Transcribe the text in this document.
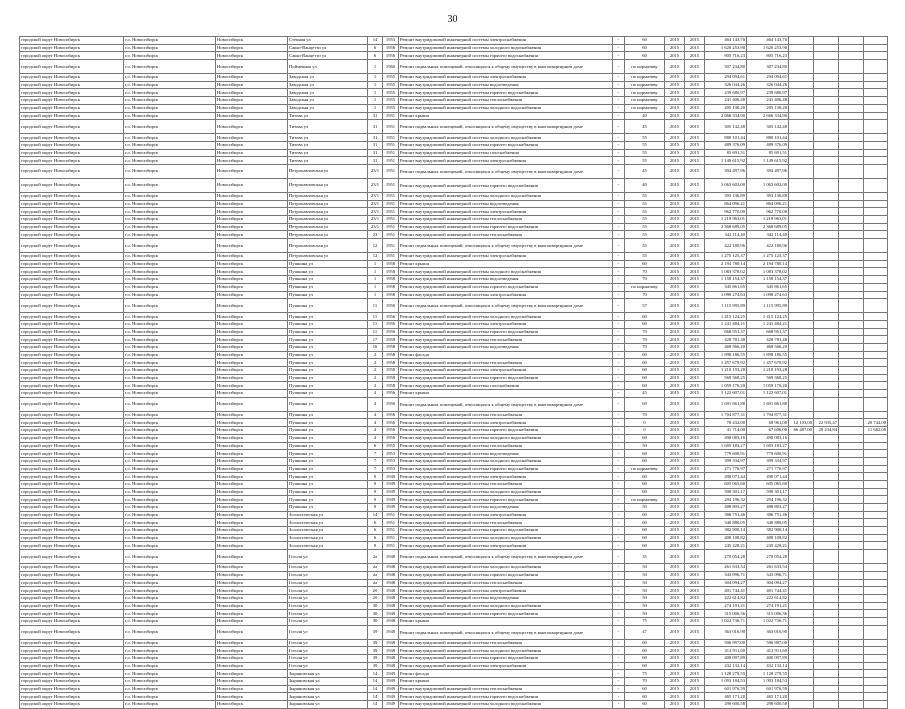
30
городской округ Новосибирск	г.о. Новосибирск	Новосибирск	Степная ул	14	1953	Ремонт внутридомовой инженерной системы электроснабжения	-	60	2015	2015	464 143,70	464 143,70				
городской округ Новосибирск	г.о. Новосибирск	Новосибирск	Сакко-Ванцетти ул	6	1956	Ремонт внутридомовой инженерной системы холодного водоснабжения	-	60	2015	2015	1 620 253,90	1 620 253,90				
городской округ Новосибирск	г.о. Новосибирск	Новосибирск	Сакко-Ванцетти ул	6	1956	Ремонт внутридомовой инженерной системы горячего водоснабжения	-	60	2015	2015	805 716,23	805 716,23				
городской округ Новосибирск	г.о. Новосибирск	Новосибирск	Пойменная ул	1	1960	Ремонт подвальных помещений, относящихся к общему имуществу в многоквартирном доме	-	по нормативу	2015	2015	307 234,80	307 234,80				
городской округ Новосибирск	г.о. Новосибирск	Новосибирск	Заводская ул	1	1955	Ремонт внутридомовой инженерной системы электроснабжения	-	по нормативу	2015	2015	294 094,61	294 094,61				
городской округ Новосибирск	г.о. Новосибирск	Новосибирск	Заводская ул	1	1955	Ремонт внутридомовой инженерной системы водоотведения	-	по нормативу	2015	2015	326 044,26	326 044,26				
городской округ Новосибирск	г.о. Новосибирск	Новосибирск	Заводская ул	1	1955	Ремонт внутридомовой инженерной системы горячего водоснабжения	-	по нормативу	2015	2015	239 680,97	239 680,97				
городской округ Новосибирск	г.о. Новосибирск	Новосибирск	Заводская ул	1	1955	Ремонт внутридомовой инженерной системы теплоснабжения	-	по нормативу	2015	2015	241 406,48	241 406,48				
городской округ Новосибирск	г.о. Новосибирск	Новосибирск	Заводская ул	1	1955	Ремонт внутридомовой инженерной системы холодного водоснабжения	-	по нормативу	2015	2015	205 130,20	205 130,20				
городской округ Новосибирск	г.о. Новосибирск	Новосибирск	Титова ул	31	1951	Ремонт крыши	-	40	2015	2015	2 666 334,90	2 666 334,90				
городской округ Новосибирск	г.о. Новосибирск	Новосибирск	Титова ул	31	1951	Ремонт подвальных помещений, относящихся к общему имуществу в многоквартирном доме	-	45	2015	2015	305 142,48	305 142,48				
городской округ Новосибирск	г.о. Новосибирск	Новосибирск	Титова ул	31	1951	Ремонт внутридомовой инженерной системы холодного водоснабжения	-	55	2015	2015	880 101,44	880 101,44				
городской округ Новосибирск	г.о. Новосибирск	Новосибирск	Титова ул	31	1951	Ремонт внутридомовой инженерной системы горячего водоснабжения	-	55	2015	2015	489 376,09	489 376,09				
городской округ Новосибирск	г.о. Новосибирск	Новосибирск	Титова ул	31	1951	Ремонт внутридомовой инженерной системы газоснабжения	-	55	2015	2015	85 691,51	85 691,51				
городской округ Новосибирск	г.о. Новосибирск	Новосибирск	Титова ул	31	1951	Ремонт внутридомовой инженерной системы электроснабжения	-	55	2015	2015	1 149 615,92	1 149 615,92				
городской округ Новосибирск	г.о. Новосибирск	Новосибирск	Петропавловская ул	23/1	1951	Ремонт подвальных помещений, относящихся к общему имуществу в многоквартирном доме	-	45	2015	2015	394 497,96	394 497,96				
городской округ Новосибирск	г.о. Новосибирск	Новосибирск	Петропавловская ул	23/1	1951	Ремонт внутридомовой инженерной системы горячего водоснабжения	-	40	2015	2015	1 063 602,00	1 063 602,00				
городской округ Новосибирск	г.о. Новосибирск	Новосибирск	Петропавловская ул	23/1	1951	Ремонт внутридомовой инженерной системы холодного водоснабжения	-	55	2015	2015	393 136,89	393 136,89				
городской округ Новосибирск	г.о. Новосибирск	Новосибирск	Петропавловская ул	23/1	1951	Ремонт внутридомовой инженерной системы водоотведения	-	55	2015	2015	864 096,21	864 096,21				
городской округ Новосибирск	г.о. Новосибирск	Новосибирск	Петропавловская ул	23/1	1951	Ремонт внутридомовой инженерной системы электроснабжения	-	55	2015	2015	962 770,00	962 770,00				
городской округ Новосибирск	г.о. Новосибирск	Новосибирск	Петропавловская ул	23/1	1951	Ремонт внутридомовой инженерной системы теплоснабжения	-	55	2015	2015	1 219 963,01	1 219 963,01				
городской округ Новосибирск	г.о. Новосибирск	Новосибирск	Петропавловская ул	23/1	1951	Ремонт внутридомовой инженерной системы горячего водоснабжения	-	55	2015	2015	2 368 689,05	2 368 689,05				
городской округ Новосибирск	г.о. Новосибирск	Новосибирск	Петропавловская ул	23	1951	Ремонт внутридомовой инженерной системы теплоснабжения	-	55	2015	2015	342 114,40	342 114,40				
городской округ Новосибирск	г.о. Новосибирск	Новосибирск	Петропавловская ул	12	1951	Ремонт подвальных помещений, относящихся к общему имуществу в многоквартирном доме	-	55	2015	2015	422 180,96	422 180,96				
городской округ Новосибирск	г.о. Новосибирск	Новосибирск	Петропавловская ул	12	1951	Ремонт внутридомовой инженерной системы электроснабжения	-	55	2015	2015	1 275 125,37	1 275 125,37				
городской округ Новосибирск	г.о. Новосибирск	Новосибирск	Пушкина ул	1	1958	Ремонт крыши	-	60	2015	2015	2 194 780,14	2 194 780,14				
городской округ Новосибирск	г.о. Новосибирск	Новосибирск	Пушкина ул	1	1958	Ремонт внутридомовой инженерной системы холодного водоснабжения	-	70	2015	2015	1 083 378,02	1 083 378,02				
городской округ Новосибирск	г.о. Новосибирск	Новосибирск	Пушкина ул	1	1958	Ремонт внутридомовой инженерной системы водоотведения	-	70	2015	2015	1 158 154,37	1 158 154,37				
городской округ Новосибирск	г.о. Новосибирск	Новосибирск	Пушкина ул	1	1958	Ремонт внутридомовой инженерной системы горячего водоснабжения	-	по нормативу	2015	2015	345 861,65	345 861,65				
городской округ Новосибирск	г.о. Новосибирск	Новосибирск	Пушкина ул	1	1958	Ремонт внутридомовой инженерной системы электроснабжения	-	70	2015	2015	1 098 274,63	1 098 274,63				
городской округ Новосибирск	г.о. Новосибирск	Новосибирск	Пушкина ул	11	1956	Ремонт подвальных помещений, относящихся к общему имуществу в многоквартирном доме	-	57	2015	2015	1 115 995,89	1 115 995,89				
городской округ Новосибирск	г.о. Новосибирск	Новосибирск	Пушкина ул	11	1956	Ремонт внутридомовой инженерной системы холодного водоснабжения	-	60	2015	2015	1 415 124,25	1 415 124,25				
городской округ Новосибирск	г.о. Новосибирск	Новосибирск	Пушкина ул	11	1956	Ремонт внутридомовой инженерной системы электроснабжения	-	60	2015	2015	1 241 484,21	1 241 484,21				
городской округ Новосибирск	г.о. Новосибирск	Новосибирск	Пушкина ул	11	1956	Ремонт внутридомовой инженерной системы горячего водоснабжения	-	70	2015	2015	668 951,37	668 951,37				
городской округ Новосибирск	г.о. Новосибирск	Новосибирск	Пушкина ул	17	1958	Ремонт внутридомовой инженерной системы теплоснабжения	-	70	2015	2015	428 781,48	428 781,48				
городской округ Новосибирск	г.о. Новосибирск	Новосибирск	Пушкина ул	16	1958	Ремонт внутридомовой инженерной системы водоотведения	-	70	2015	2015	468 566,20	468 566,20				
городской округ Новосибирск	г.о. Новосибирск	Новосибирск	Пушкина ул	2	1958	Ремонт фасада	-	60	2015	2015	1 898 186,55	1 898 186,55				
городской округ Новосибирск	г.о. Новосибирск	Новосибирск	Пушкина ул	2	1958	Ремонт внутридомовой инженерной системы теплоснабжения	-	60	2015	2015	1 457 679,92	1 457 679,92				
городской округ Новосибирск	г.о. Новосибирск	Новосибирск	Пушкина ул	2	1958	Ремонт внутридомовой инженерной системы электроснабжения	-	60	2015	2015	1 210 193,28	1 210 193,28				
городской округ Новосибирск	г.о. Новосибирск	Новосибирск	Пушкина ул	2	1958	Ремонт внутридомовой инженерной системы горячего водоснабжения	-	60	2015	2015	569 368,25	569 368,25				
городской округ Новосибирск	г.о. Новосибирск	Новосибирск	Пушкина ул	2	1958	Ремонт внутридомовой инженерной системы газоснабжения	-	60	2015	2015	1 059 176,20	1 059 176,20				
городской округ Новосибирск	г.о. Новосибирск	Новосибирск	Пушкина ул	4	1956	Ремонт крыши	-	45	2015	2015	1 122 607,01	1 122 607,01				
городской округ Новосибирск	г.о. Новосибирск	Новосибирск	Пушкина ул	4	1956	Ремонт подвальных помещений, относящихся к общему имуществу в многоквартирном доме	-	69	2015	2015	1 691 661,88	1 691 661,88				
городской округ Новосибирск	г.о. Новосибирск	Новосибирск	Пушкина ул	4	1956	Ремонт внутридомовой инженерной системы теплоснабжения	-	70	2015	2015	1 704 877,31	1 704 877,31				
городской округ Новосибирск	г.о. Новосибирск	Новосибирск	Пушкина ул	4	1956	Ремонт внутридомовой инженерной системы электроснабжения	-	0	2015	2015	78 432,00	68 961,00	12 103,00	22 935,47		20 744,00
городской округ Новосибирск	г.о. Новосибирск	Новосибирск	Пушкина ул	4	1956	Ремонт внутридомовой инженерной системы горячего водоснабжения	-	0	2015	2015	41 714,00	67 606,00	66 487,00	20 234,84		11 682,00
городской округ Новосибирск	г.о. Новосибирск	Новосибирск	Пушкина ул	4	1956	Ремонт внутридомовой инженерной системы холодного водоснабжения	-	60	2015	2015	490 083,16	490 083,16				
городской округ Новосибирск	г.о. Новосибирск	Новосибирск	Пушкина ул	6	1955	Ремонт внутридомовой инженерной системы теплоснабжения	-	50	2015	2015	1 695 183,27	1 695 183,27				
городской округ Новосибирск	г.о. Новосибирск	Новосибирск	Пушкина ул	7	1953	Ремонт внутридомовой инженерной системы водоотведения	-	60	2015	2015	779 600,91	779 600,91				
городской округ Новосибирск	г.о. Новосибирск	Новосибирск	Пушкина ул	7	1953	Ремонт внутридомовой инженерной системы холодного водоснабжения	-	60	2015	2015	399 334,97	399 334,97				
городской округ Новосибирск	г.о. Новосибирск	Новосибирск	Пушкина ул	7	1953	Ремонт внутридомовой инженерной системы горячего водоснабжения	-	по нормативу	2015	2015	271 776,97	271 776,97				
городской округ Новосибирск	г.о. Новосибирск	Новосибирск	Пушкина ул	9	1949	Ремонт внутридомовой инженерной системы электроснабжения	-	60	2015	2015	490 071,44	490 071,44				
городской округ Новосибирск	г.о. Новосибирск	Новосибирск	Пушкина ул	9	1949	Ремонт внутридомовой инженерной системы теплоснабжения	-	60	2015	2015	605 065,60	605 065,60				
городской округ Новосибирск	г.о. Новосибирск	Новосибирск	Пушкина ул	9	1949	Ремонт внутридомовой инженерной системы холодного водоснабжения	-	60	2015	2015	590 301,17	590 301,17				
городской округ Новосибирск	г.о. Новосибирск	Новосибирск	Пушкина ул	9	1949	Ремонт внутридомовой инженерной системы горячего водоснабжения	-	по нормативу	2015	2015	294 196,32	294 196,32				
городской округ Новосибирск	г.о. Новосибирск	Новосибирск	Пушкина ул	9	1949	Ремонт внутридомовой инженерной системы водоотведения	-	50	2015	2015	488 803,27	488 803,27				
городской округ Новосибирск	г.о. Новосибирск	Новосибирск	Зоологическая ул	14	1951	Ремонт внутридомовой инженерной системы электроснабжения	-	60	2015	2015	386 751,46	386 751,46				
городской округ Новосибирск	г.о. Новосибирск	Новосибирск	Зоологическая ул	6	1951	Ремонт внутридомовой инженерной системы теплоснабжения	-	60	2015	2015	340 880,05	340 880,05				
городской округ Новосибирск	г.о. Новосибирск	Новосибирск	Зоологическая ул	6	1951	Ремонт внутридомовой инженерной системы горячего водоснабжения	-	60	2015	2015	382 900,14	382 900,14				
городской округ Новосибирск	г.о. Новосибирск	Новосибирск	Зоологическая ул	6	1951	Ремонт внутридомовой инженерной системы холодного водоснабжения	-	60	2015	2015	408 108,82	408 108,82				
городской округ Новосибирск	г.о. Новосибирск	Новосибирск	Зоологическая ул	9	1951	Ремонт внутридомовой инженерной системы электроснабжения	-	60	2015	2015	245 428,21	245 428,21				
городской округ Новосибирск	г.о. Новосибирск	Новосибирск	Гоголя ул	2а	1948	Ремонт подвальных помещений, относящихся к общему имуществу в многоквартирном доме	-	35	2015	2015	270 054,28	270 054,28				
городской округ Новосибирск	г.о. Новосибирск	Новосибирск	Гоголя ул	2а	1948	Ремонт внутридомовой инженерной системы холодного водоснабжения	-	50	2015	2015	261 633,54	261 633,54				
городской округ Новосибирск	г.о. Новосибирск	Новосибирск	Гоголя ул	2а	1948	Ремонт внутридомовой инженерной системы горячего водоснабжения	-	50	2015	2015	343 096,71	343 096,71				
городской округ Новосибирск	г.о. Новосибирск	Новосибирск	Гоголя ул	2а	1948	Ремонт внутридомовой инженерной системы теплоснабжения	-	50	2015	2015	304 094,27	304 094,27				
городской округ Новосибирск	г.о. Новосибирск	Новосибирск	Гоголя ул	2б	1948	Ремонт внутридомовой инженерной системы электроснабжения	-	50	2015	2015	401 744,41	401 744,41				
городской округ Новосибирск	г.о. Новосибирск	Новосибирск	Гоголя ул	2б	1948	Ремонт внутридомовой инженерной системы водоотведения	-	50	2015	2015	222 614,82	222 614,82				
городской округ Новосибирск	г.о. Новосибирск	Новосибирск	Гоголя ул	30	1948	Ремонт внутридомовой инженерной системы холодного водоснабжения	-	50	2015	2015	274 191,21	274 191,21				
городской округ Новосибирск	г.о. Новосибирск	Новосибирск	Гоголя ул	30	1948	Ремонт внутридомовой инженерной системы горячего водоснабжения	-	50	2015	2015	315 006,36	315 006,36				
городской округ Новосибирск	г.о. Новосибирск	Новосибирск	Гоголя ул	30	1948	Ремонт крыши	-	75	2015	2015	1 022 736,71	1 022 736,71				
городской округ Новосибирск	г.о. Новосибирск	Новосибирск	Гоголя ул	39	1948	Ремонт подвальных помещений, относящихся к общему имуществу в многоквартирном доме	-	47	2015	2015	363 016,90	363 016,90				
городской округ Новосибирск	г.о. Новосибирск	Новосибирск	Гоголя ул	39	1948	Ремонт внутридомовой инженерной системы теплоснабжения	-	60	2015	2015	506 997,00	506 997,00				
городской округ Новосибирск	г.о. Новосибирск	Новосибирск	Гоголя ул	39	1948	Ремонт внутридомовой инженерной системы холодного водоснабжения	-	60	2015	2015	412 911,60	412 911,60				
городской округ Новосибирск	г.о. Новосибирск	Новосибирск	Гоголя ул	39	1948	Ремонт внутридомовой инженерной системы горячего водоснабжения	-	60	2015	2015	400 097,89	400 097,89				
городской округ Новосибирск	г.о. Новосибирск	Новосибирск	Гоголя ул	39	1948	Ремонт внутридомовой инженерной системы электроснабжения	-	60	2015	2015	432 132,14	432 132,14				
городской округ Новосибирск	г.о. Новосибирск	Новосибирск	Зыряновская ул	14	1949	Ремонт фасада	-	75	2015	2015	1 128 279,55	1 128 279,55				
городской округ Новосибирск	г.о. Новосибирск	Новосибирск	Зыряновская ул	14	1949	Ремонт крыши	-	70	2015	2015	1 093 184,53	1 093 184,53				
городской округ Новосибирск	г.о. Новосибирск	Новосибирск	Зыряновская ул	14	1949	Ремонт внутридомовой инженерной системы теплоснабжения	-	60	2015	2015	601 976,59	601 976,59				
городской округ Новосибирск	г.о. Новосибирск	Новосибирск	Зыряновская ул	14	1949	Ремонт внутридомовой инженерной системы горячего водоснабжения	-	60	2015	2015	465 171,20	465 171,20				
городской округ Новосибирск	г.о. Новосибирск	Новосибирск	Зыряновская ул	14	1949	Ремонт внутридомовой инженерной системы холодного водоснабжения	-	60	2015	2015	298 600,58	298 600,58				
